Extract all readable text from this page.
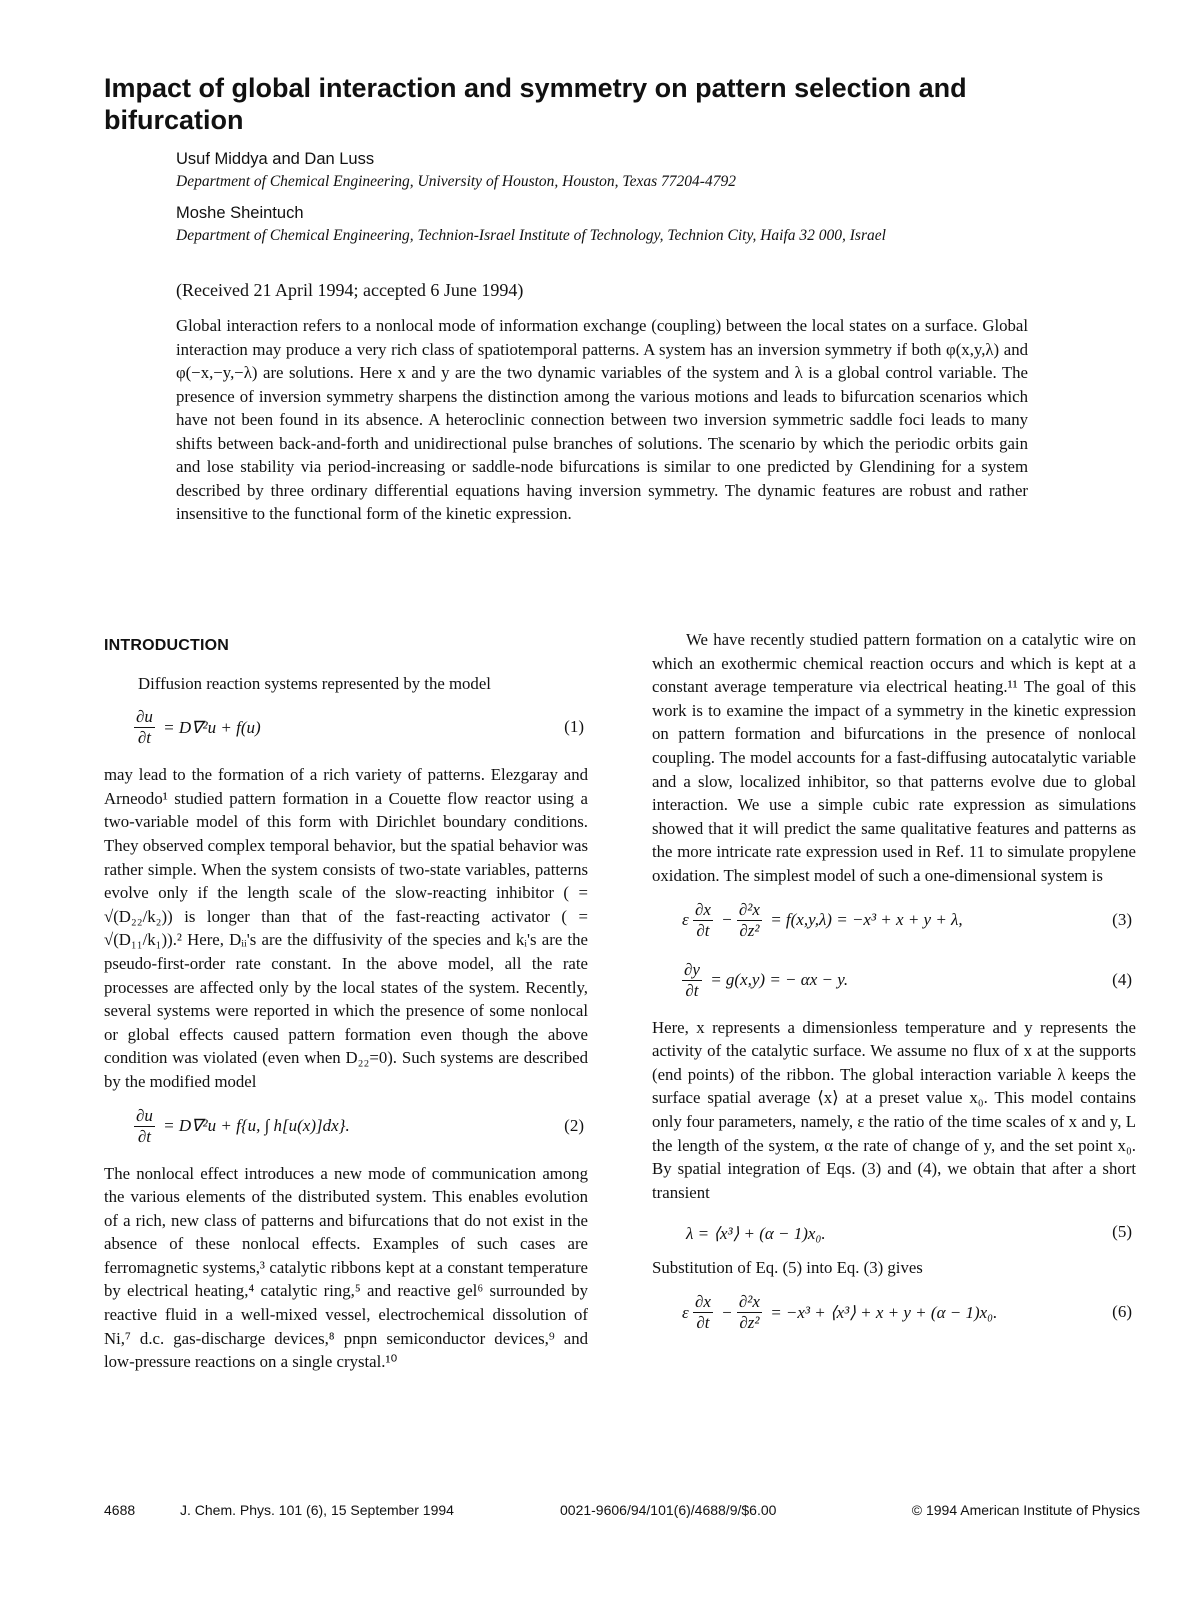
Impact of global interaction and symmetry on pattern selection and bifurcation
Usuf Middya and Dan Luss
Department of Chemical Engineering, University of Houston, Houston, Texas 77204-4792
Moshe Sheintuch
Department of Chemical Engineering, Technion-Israel Institute of Technology, Technion City, Haifa 32 000, Israel
(Received 21 April 1994; accepted 6 June 1994)

Global interaction refers to a nonlocal mode of information exchange (coupling) between the local states on a surface. Global interaction may produce a very rich class of spatiotemporal patterns. A system has an inversion symmetry if both φ(x,y,λ) and φ(−x,−y,−λ) are solutions. Here x and y are the two dynamic variables of the system and λ is a global control variable. The presence of inversion symmetry sharpens the distinction among the various motions and leads to bifurcation scenarios which have not been found in its absence. A heteroclinic connection between two inversion symmetric saddle foci leads to many shifts between back-and-forth and unidirectional pulse branches of solutions. The scenario by which the periodic orbits gain and lose stability via period-increasing or saddle-node bifurcations is similar to one predicted by Glendining for a system described by three ordinary differential equations having inversion symmetry. The dynamic features are robust and rather insensitive to the functional form of the kinetic expression.

INTRODUCTION

Diffusion reaction systems represented by the model

$\frac{\partial u}{\partial t} = D\nabla^2u + f(u)$	(1)

may lead to the formation of a rich variety of patterns. Elezgaray and Arneodo¹ studied pattern formation in a Couette flow reactor using a two-variable model of this form with Dirichlet boundary conditions. They observed complex temporal behavior, but the spatial behavior was rather simple. When the system consists of two-state variables, patterns evolve only if the length scale of the slow-reacting inhibitor ( = √(D₂₂/k₂)) is longer than that of the fast-reacting activator ( = √(D₁₁/k₁)).² Here, Dᵢᵢ's are the diffusivity of the species and kᵢ's are the pseudo-first-order rate constant. In the above model, all the rate processes are affected only by the local states of the system. Recently, several systems were reported in which the presence of some nonlocal or global effects caused pattern formation even though the above condition was violated (even when D₂₂=0). Such systems are described by the modified model

$\frac{\partial u}{\partial t} = D\nabla^2u + f\{u$, ∫ h[u(x)]dx}.	(2)

The nonlocal effect introduces a new mode of communication among the various elements of the distributed system. This enables evolution of a rich, new class of patterns and bifurcations that do not exist in the absence of these nonlocal effects. Examples of such cases are ferromagnetic systems,³ catalytic ribbons kept at a constant temperature by electrical heating,⁴ catalytic ring,⁵ and reactive gel⁶ surrounded by reactive fluid in a well-mixed vessel, electrochemical dissolution of Ni,⁷ d.c. gas-discharge devices,⁸ pnpn semiconductor devices,⁹ and low-pressure reactions on a single crystal.¹⁰

We have recently studied pattern formation on a catalytic wire on which an exothermic chemical reaction occurs and which is kept at a constant average temperature via electrical heating.¹¹ The goal of this work is to examine the impact of a symmetry in the kinetic expression on pattern formation and bifurcations in the presence of nonlocal coupling. The model accounts for a fast-diffusing autocatalytic variable and a slow, localized inhibitor, so that patterns evolve due to global interaction. We use a simple cubic rate expression as simulations showed that it will predict the same qualitative features and patterns as the more intricate rate expression used in Ref. 11 to simulate propylene oxidation. The simplest model of such a one-dimensional system is

ε $\frac{\partial x}{\partial t} - \frac{\text{∂²x}}{\text{∂z²}} = f(x,y,\lambda) = -x^3 + x + y + \lambda$,	(3)
$\frac{\partial y}{\partial t} = g(x,y)$ = − αx − y.	(4)

Here, x represents a dimensionless temperature and y represents the activity of the catalytic surface. We assume no flux of x at the supports (end points) of the ribbon. The global interaction variable λ keeps the surface spatial average ⟨x⟩ at a preset value x₀. This model contains only four parameters, namely, ε the ratio of the time scales of x and y, L the length of the system, α the rate of change of y, and the set point x₀. By spatial integration of Eqs. (3) and (4), we obtain that after a short transient

λ = ⟨x³⟩ + (α − 1)x₀.	(5)

Substitution of Eq. (5) into Eq. (3) gives

ε $\frac{\partial x}{\partial t} - \frac{\text{∂²x}}{\text{∂z²}} = -x^3$ + ⟨x³⟩ + x + y + (α − 1)x₀.	(6)
4688	J. Chem. Phys. 101 (6), 15 September 1994	0021-9606/94/101(6)/4688/9/$6.00	© 1994 American Institute of Physics
